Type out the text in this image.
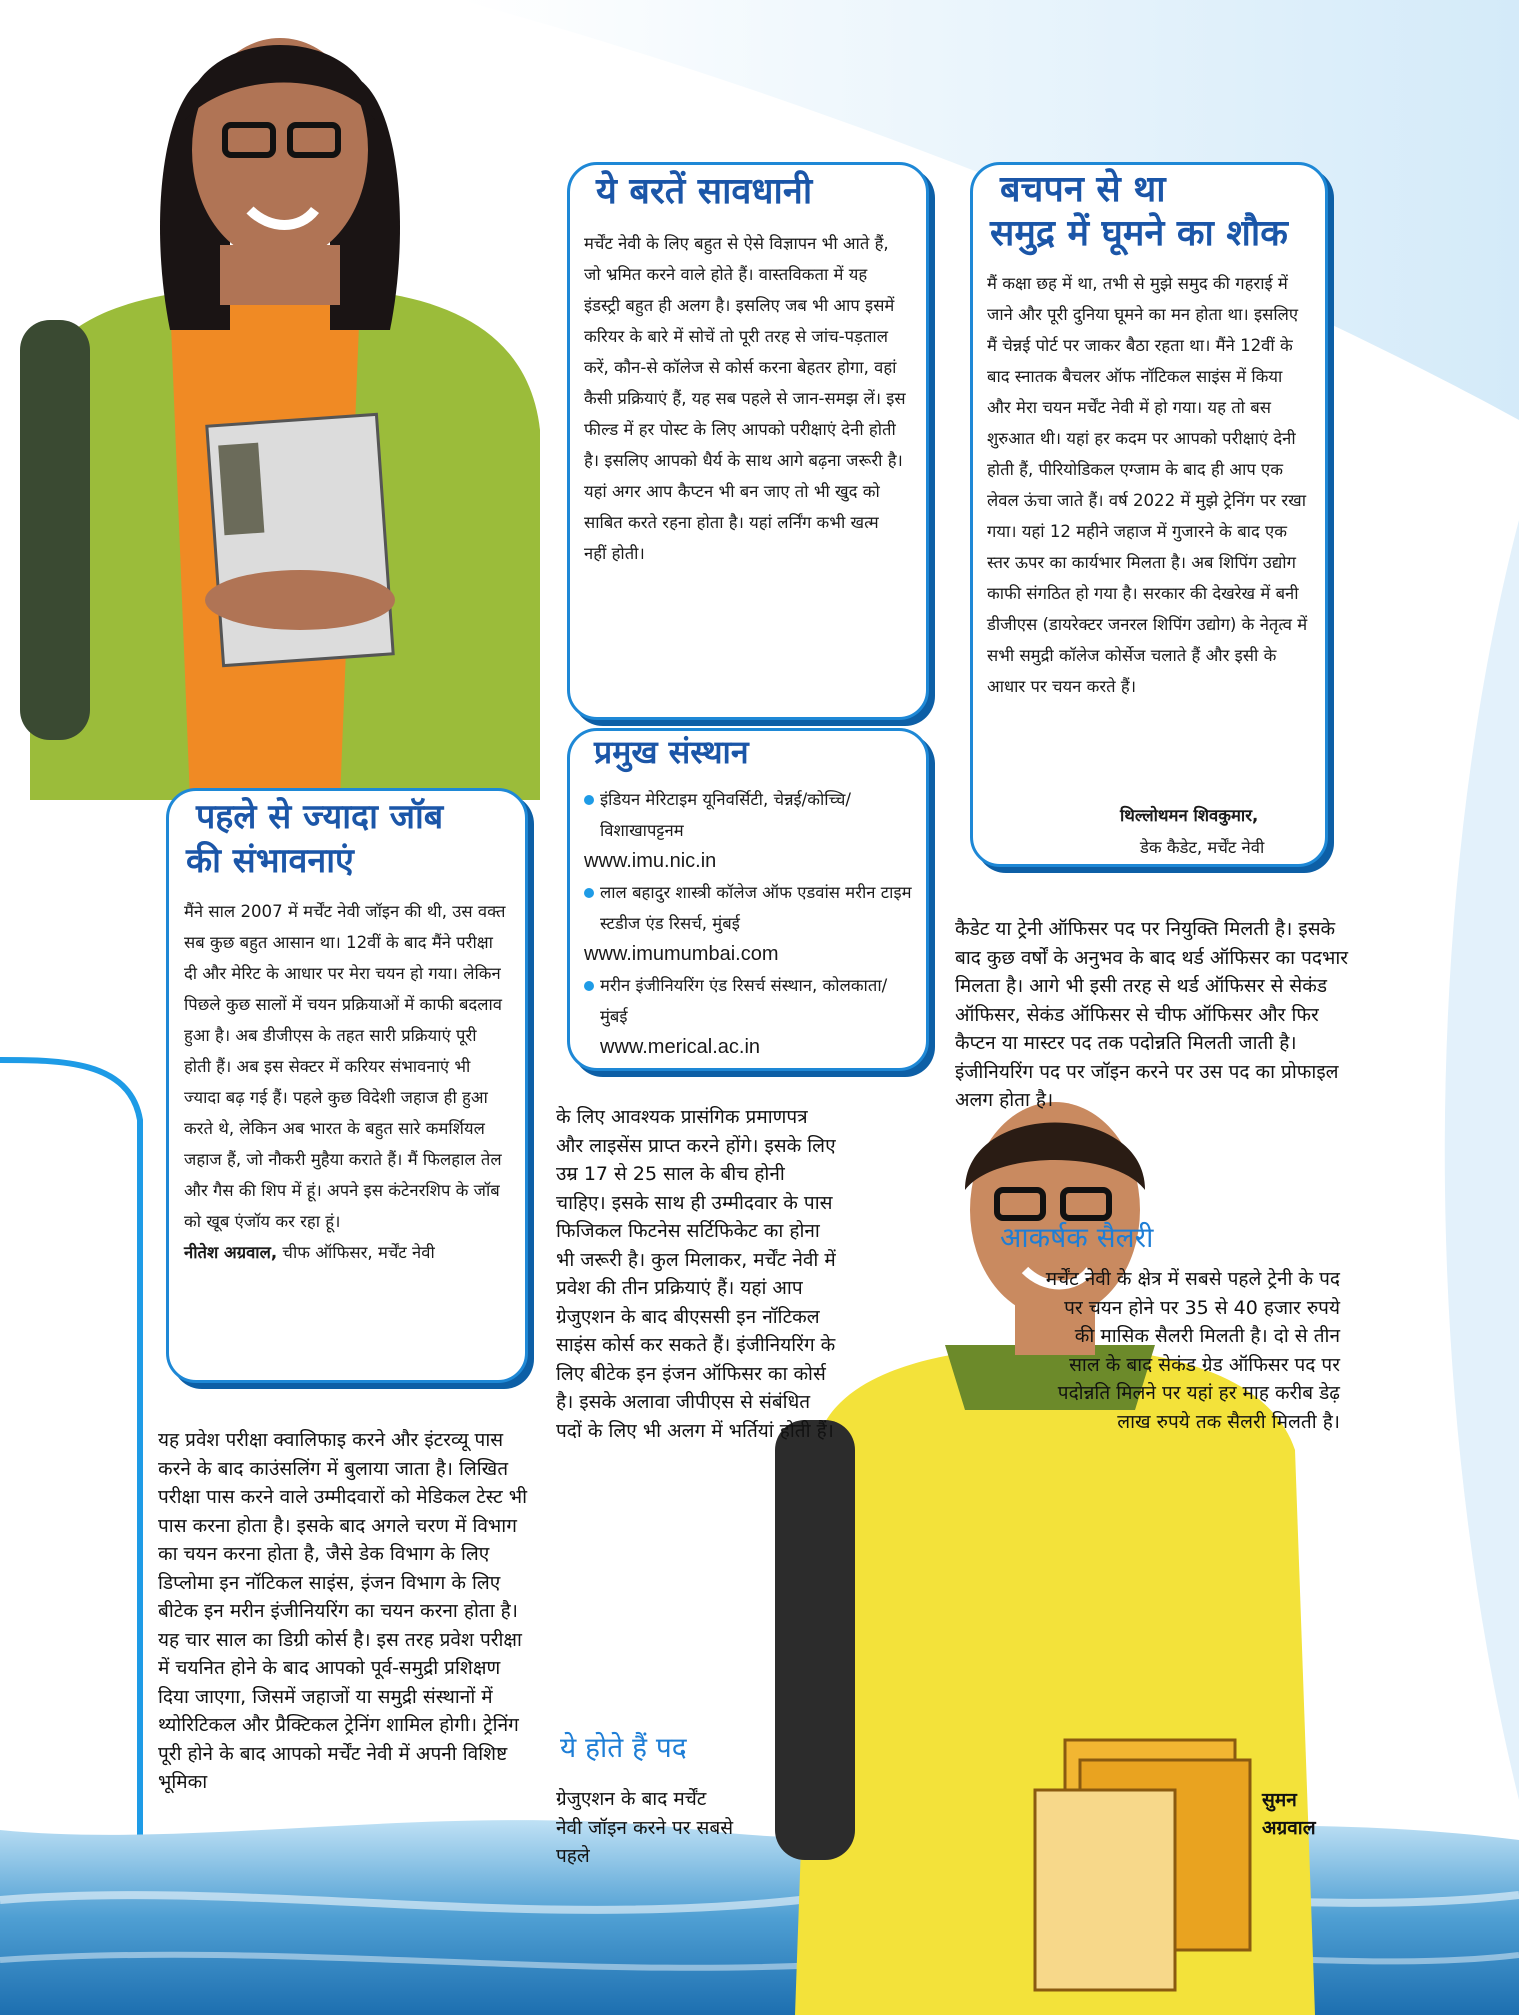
ये बरतें सावधानी
मर्चेंट नेवी के लिए बहुत से ऐसे विज्ञापन भी आते हैं, जो भ्रमित करने वाले होते हैं। वास्तविकता में यह इंडस्ट्री बहुत ही अलग है। इसलिए जब भी आप इसमें करियर के बारे में सोचें तो पूरी तरह से जांच-पड़ताल करें, कौन-से कॉलेज से कोर्स करना बेहतर होगा, वहां कैसी प्रक्रियाएं हैं, यह सब पहले से जान-समझ लें। इस फील्ड में हर पोस्ट के लिए आपको परीक्षाएं देनी होती है। इसलिए आपको धैर्य के साथ आगे बढ़ना जरूरी है। यहां अगर आप कैप्टन भी बन जाए तो भी खुद को साबित करते रहना होता है। यहां लर्निंग कभी खत्म नहीं होती।
बचपन से था
समुद्र में घूमने का शौक
मैं कक्षा छह में था, तभी से मुझे समुद की गहराई में जाने और पूरी दुनिया घूमने का मन होता था। इसलिए मैं चेन्नई पोर्ट पर जाकर बैठा रहता था। मैंने 12वीं के बाद स्नातक बैचलर ऑफ नॉटिकल साइंस में किया और मेरा चयन मर्चेंट नेवी में हो गया। यह तो बस शुरुआत थी। यहां हर कदम पर आपको परीक्षाएं देनी होती हैं, पीरियोडिकल एग्जाम के बाद ही आप एक लेवल ऊंचा जाते हैं। वर्ष 2022 में मुझे ट्रेनिंग पर रखा गया। यहां 12 महीने जहाज में गुजारने के बाद एक स्तर ऊपर का कार्यभार मिलता है। अब शिपिंग उद्योग काफी संगठित हो गया है। सरकार की देखरेख में बनी डीजीएस (डायरेक्टर जनरल शिपिंग उद्योग) के नेतृत्व में सभी समुद्री कॉलेज कोर्सेज चलाते हैं और इसी के आधार पर चयन करते हैं।
थिल्लोथमन शिवकुमार,
डेक कैडेट, मर्चेंट नेवी
प्रमुख संस्थान
इंडियन मेरिटाइम यूनिवर्सिटी, चेन्नई/कोच्चि/विशाखापट्टनम
www.imu.nic.in
लाल बहादुर शास्त्री कॉलेज ऑफ एडवांस मरीन टाइम स्टडीज एंड रिसर्च, मुंबई
www.imumumbai.com
मरीन इंजीनियरिंग एंड रिसर्च संस्थान, कोलकाता/मुंबई
www.merical.ac.in
पहले से ज्यादा जॉब
की संभावनाएं
मैंने साल 2007 में मर्चेंट नेवी जॉइन की थी, उस वक्त सब कुछ बहुत आसान था। 12वीं के बाद मैंने परीक्षा दी और मेरिट के आधार पर मेरा चयन हो गया। लेकिन पिछले कुछ सालों में चयन प्रक्रियाओं में काफी बदलाव हुआ है। अब डीजीएस के तहत सारी प्रक्रियाएं पूरी होती हैं। अब इस सेक्टर में करियर संभावनाएं भी ज्यादा बढ़ गई हैं। पहले कुछ विदेशी जहाज ही हुआ करते थे, लेकिन अब भारत के बहुत सारे कमर्शियल जहाज हैं, जो नौकरी मुहैया कराते हैं। मैं फिलहाल तेल और गैस की शिप में हूं। अपने इस कंटेनरशिप के जॉब को खूब एंजॉय कर रहा हूं।
नीतेश अग्रवाल, चीफ ऑफिसर, मर्चेंट नेवी
यह प्रवेश परीक्षा क्वालिफाइ करने और इंटरव्यू पास करने के बाद काउंसलिंग में बुलाया जाता है। लिखित परीक्षा पास करने वाले उम्मीदवारों को मेडिकल टेस्ट भी पास करना होता है। इसके बाद अगले चरण में विभाग का चयन करना होता है, जैसे डेक विभाग के लिए डिप्लोमा इन नॉटिकल साइंस, इंजन विभाग के लिए बीटेक इन मरीन इंजीनियरिंग का चयन करना होता है। यह चार साल का डिग्री कोर्स है। इस तरह प्रवेश परीक्षा में चयनित होने के बाद आपको पूर्व-समुद्री प्रशिक्षण दिया जाएगा, जिसमें जहाजों या समुद्री संस्थानों में थ्योरिटिकल और प्रैक्टिकल ट्रेनिंग शामिल होगी। ट्रेनिंग पूरी होने के बाद आपको मर्चेंट नेवी में अपनी विशिष्ट भूमिका
के लिए आवश्यक प्रासंगिक प्रमाणपत्र और लाइसेंस प्राप्त करने होंगे। इसके लिए उम्र 17 से 25 साल के बीच होनी चाहिए। इसके साथ ही उम्मीदवार के पास फिजिकल फिटनेस सर्टिफिकेट का होना भी जरूरी है। कुल मिलाकर, मर्चेंट नेवी में प्रवेश की तीन प्रक्रियाएं हैं। यहां आप ग्रेजुएशन के बाद बीएससी इन नॉटिकल साइंस कोर्स कर सकते हैं। इंजीनियरिंग के लिए बीटेक इन इंजन ऑफिसर का कोर्स है। इसके अलावा जीपीएस से संबंधित पदों के लिए भी अलग में भर्तियां होती हैं।
ये होते हैं पद
ग्रेजुएशन के बाद मर्चेंट नेवी जॉइन करने पर सबसे पहले
कैडेट या ट्रेनी ऑफिसर पद पर नियुक्ति मिलती है। इसके बाद कुछ वर्षों के अनुभव के बाद थर्ड ऑफिसर का पदभार मिलता है। आगे भी इसी तरह से थर्ड ऑफिसर से सेकंड ऑफिसर, सेकंड ऑफिसर से चीफ ऑफिसर और फिर कैप्टन या मास्टर पद तक पदोन्नति मिलती जाती है। इंजीनियरिंग पद पर जॉइन करने पर उस पद का प्रोफाइल अलग होता है।
आकर्षक सैलरी
मर्चेंट नेवी के क्षेत्र में सबसे पहले ट्रेनी के पद पर चयन होने पर 35 से 40 हजार रुपये की मासिक सैलरी मिलती है। दो से तीन साल के बाद सेकंड ग्रेड ऑफिसर पद पर पदोन्नति मिलने पर यहां हर माह करीब डेढ़ लाख रुपये तक सैलरी मिलती है।
सुमन
अग्रवाल
